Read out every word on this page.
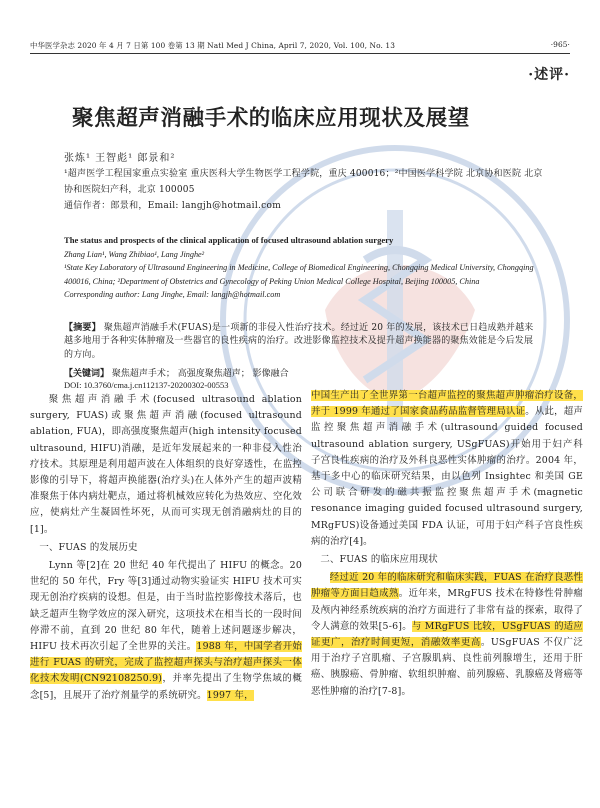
中华医学杂志 2020 年 4 月 7 日第 100 卷第 13 期 Natl Med J China, April 7, 2020, Vol. 100, No. 13	·965·
·述评·
聚焦超声消融手术的临床应用现状及展望
张炼¹ 王智彪¹ 郎景和²
¹超声医学工程国家重点实验室 重庆医科大学生物医学工程学院，重庆 400016；²中国医学科学院 北京协和医院 北京协和医院妇产科，北京 100005
通信作者：郎景和，Email: langjh@hotmail.com
The status and prospects of the clinical application of focused ultrasound ablation surgery
Zhang Lian¹, Wang Zhibiao¹, Lang Jinghe²
¹State Key Laboratory of Ultrasound Engineering in Medicine, College of Biomedical Engineering, Chongqing Medical University, Chongqing 400016, China; ²Department of Obstetrics and Gynecology of Peking Union Medical College Hospital, Beijing 100005, China
Corresponding author: Lang Jinghe, Email: langjh@hotmail.com
【摘要】 聚焦超声消融手术(FUAS)是一项新的非侵入性治疗技术。经过近 20 年的发展，该技术已日趋成熟并越来越多地用于各种实体肿瘤及一些器官的良性疾病的治疗。改进影像监控技术及提升超声换能器的聚焦效能是今后发展的方向。
【关键词】 聚焦超声手术； 高强度聚焦超声； 影像融合
DOI: 10.3760/cma.j.cn112137-20200302-00553

聚焦超声消融手术(focused ultrasound ablation surgery, FUAS)或聚焦超声消融(focused ultrasound ablation, FUA)，即高强度聚焦超声(high intensity focused ultrasound, HIFU)消融，是近年发展起来的一种非侵入性治疗技术。其原理是利用超声波在人体组织的良好穿透性，在监控影像的引导下，将超声换能器(治疗头)在人体外产生的超声波精准聚焦于体内病灶靶点，通过将机械效应转化为热效应、空化效应，使病灶产生凝固性坏死，从而可实现无创消融病灶的目的[1]。

一、FUAS 的发展历史

Lynn 等[2]在 20 世纪 40 年代提出了 HIFU 的概念。20 世纪的 50 年代，Fry 等[3]通过动物实验证实 HIFU 技术可实现无创治疗疾病的设想。但是，由于当时监控影像技术落后，也缺乏超声生物学效应的深入研究，这项技术在相当长的一段时间停滞不前，直到 20 世纪 80 年代，随着上述问题逐步解决，HIFU 技术再次引起了全世界的关注。1988 年，中国学者开始进行 FUAS 的研究，完成了监控超声探头与治疗超声探头一体化技术发明(CN92108250.9)，并率先提出了生物学焦域的概念[5]，且展开了治疗剂量学的系统研究。1997 年，

中国生产出了全世界第一台超声监控的聚焦超声肿瘤治疗设备，并于 1999 年通过了国家食品药品监督管理局认证。从此，超声监控聚焦超声消融手术(ultrasound guided focused ultrasound ablation surgery, USgFUAS)开始用于妇产科子宫良性疾病的治疗及外科良恶性实体肿瘤的治疗。2004 年，基于多中心的临床研究结果，由以色列 Insightec 和美国 GE 公司联合研发的磁共振监控聚焦超声手术(magnetic resonance imaging guided focused ultrasound surgery, MRgFUS)设备通过美国 FDA 认证，可用于妇产科子宫良性疾病的治疗[4]。

二、FUAS 的临床应用现状

经过近 20 年的临床研究和临床实践，FUAS 在治疗良恶性肿瘤等方面日趋成熟。近年来，MRgFUS 技术在特修性骨肿瘤及颅内神经系统疾病的治疗方面进行了非常有益的探索，取得了令人满意的效果[5-6]。与 MRgFUS 比较，USgFUAS 的适应证更广，治疗时间更短，消融效率更高。USgFUAS 不仅广泛用于治疗子宫肌瘤、子宫腺肌病、良性前列腺增生，还用于肝癌、胰腺癌、骨肿瘤、软组织肿瘤、前列腺癌、乳腺癌及肾癌等恶性肿瘤的治疗[7-8]。
